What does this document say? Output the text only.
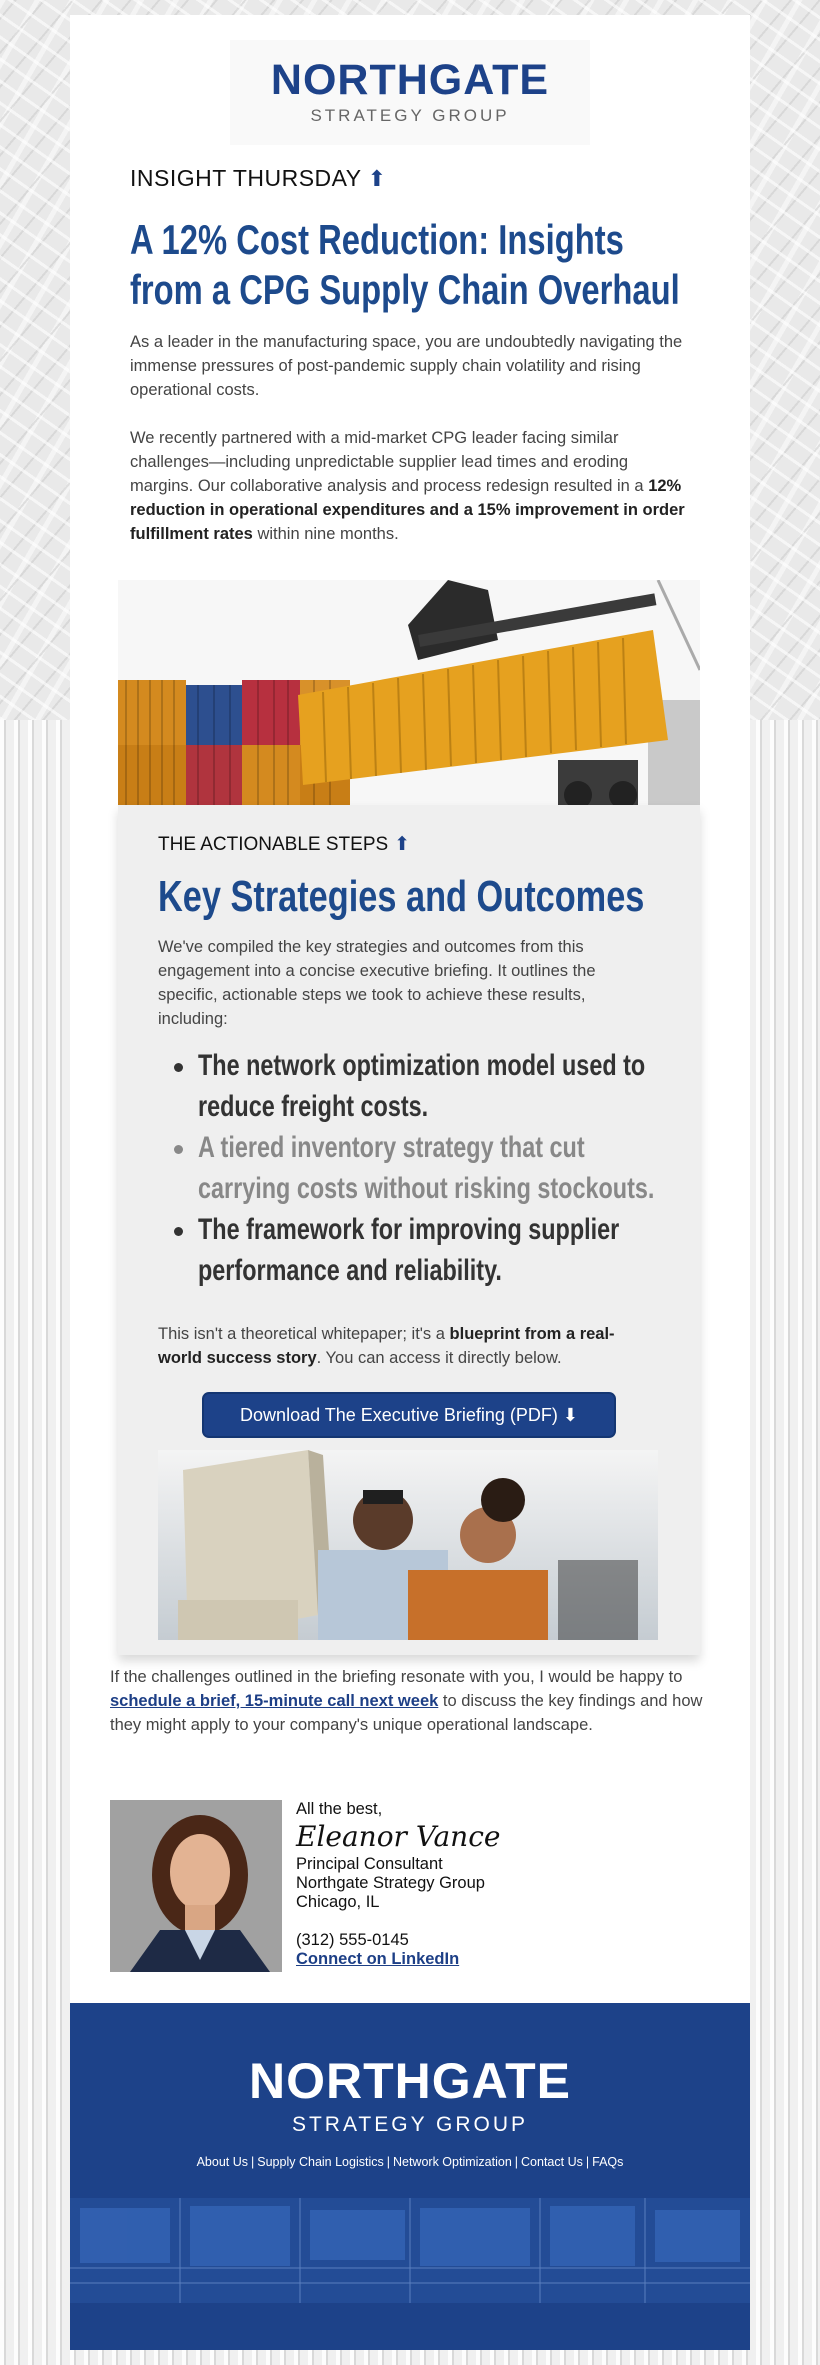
NORTHGATE
STRATEGY GROUP
INSIGHT THURSDAY ⬆
A 12% Cost Reduction: Insights from a CPG Supply Chain Overhaul

As a leader in the manufacturing space, you are undoubtedly navigating the immense pressures of post-pandemic supply chain volatility and rising operational costs.

We recently partnered with a mid-market CPG leader facing similar challenges—including unpredictable supplier lead times and eroding margins. Our collaborative analysis and process redesign resulted in a 12% reduction in operational expenditures and a 15% improvement in order fulfillment rates within nine months.

THE ACTIONABLE STEPS ⬆
Key Strategies and Outcomes

We've compiled the key strategies and outcomes from this engagement into a concise executive briefing. It outlines the specific, actionable steps we took to achieve these results, including:

The network optimization model used to reduce freight costs.
A tiered inventory strategy that cut carrying costs without risking stockouts.
The framework for improving supplier performance and reliability.

This isn't a theoretical whitepaper; it's a blueprint from a real-world success story. You can access it directly below.

Download The Executive Briefing (PDF) ⬇

If the challenges outlined in the briefing resonate with you, I would be happy to schedule a brief, 15-minute call next week to discuss the key findings and how they might apply to your company's unique operational landscape.

All the best,
Eleanor Vance
Principal Consultant
Northgate Strategy Group
Chicago, IL
(312) 555-0145
Connect on LinkedIn
NORTHGATE
STRATEGY GROUP
About Us | Supply Chain Logistics | Network Optimization | Contact Us | FAQs
